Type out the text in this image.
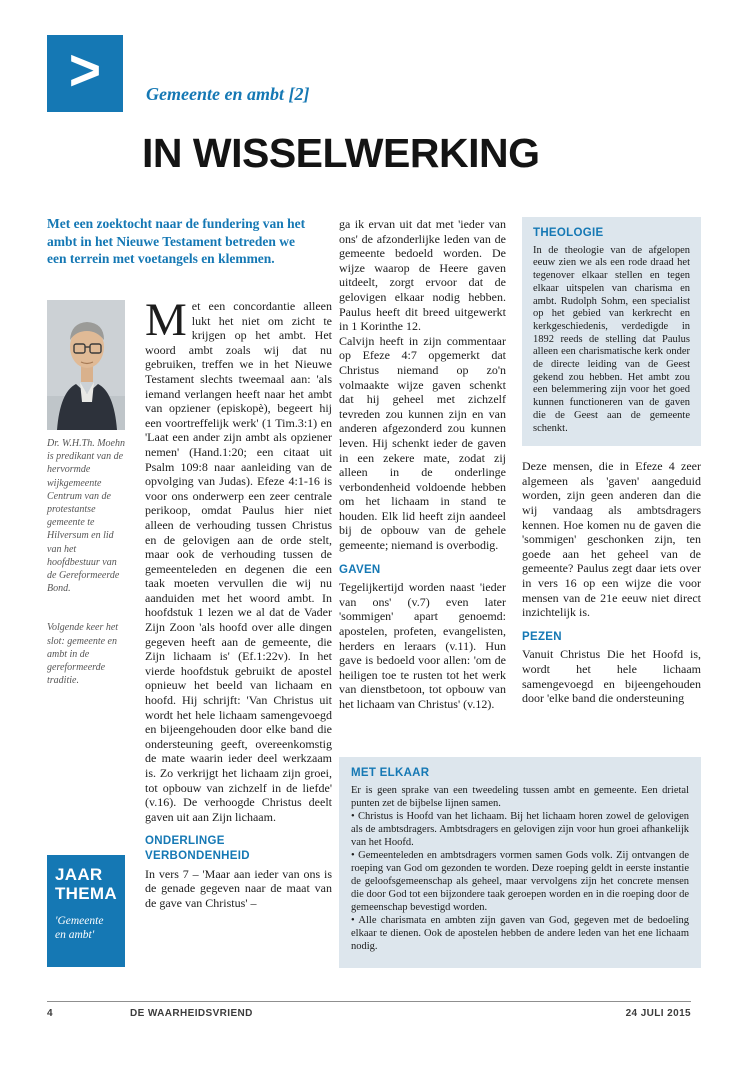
> Gemeente en ambt [2]
IN WISSELWERKING

Met een zoektocht naar de fundering van het ambt in het Nieuwe Testament betreden we een terrein met voetangels en klemmen.

Dr. W.H.Th. Moehn is predikant van de hervormde wijkgemeente Centrum van de protestantse gemeente te Hilversum en lid van het hoofdbestuur van de Gereformeerde Bond.

Volgende keer het slot: gemeente en ambt in de gereformeerde traditie.

JAAR
THEMA
'Gemeente en ambt'

Met een concordantie alleen lukt het niet om zicht te krijgen op het ambt. Het woord ambt zoals wij dat nu gebruiken, treffen we in het Nieuwe Testament slechts tweemaal aan: 'als iemand verlangen heeft naar het ambt van opziener (episkopè), begeert hij een voortreffelijk werk' (1 Tim.3:1) en 'Laat een ander zijn ambt als opziener nemen' (Hand.1:20; een citaat uit Psalm 109:8 naar aanleiding van de opvolging van Judas). Efeze 4:1-16 is voor ons onderwerp een zeer centrale perikoop, omdat Paulus hier niet alleen de verhouding tussen Christus en de gelovigen aan de orde stelt, maar ook de verhouding tussen de gemeenteleden en degenen die een taak moeten vervullen die wij nu aanduiden met het woord ambt. In hoofdstuk 1 lezen we al dat de Vader Zijn Zoon 'als hoofd over alle dingen gegeven heeft aan de gemeente, die Zijn lichaam is' (Ef.1:22v). In het vierde hoofdstuk gebruikt de apostel opnieuw het beeld van lichaam en hoofd. Hij schrijft: 'Van Christus uit wordt het hele lichaam samengevoegd en bijeengehouden door elke band die ondersteuning geeft, overeenkomstig de mate waarin ieder deel werkzaam is. Zo verkrijgt het lichaam zijn groei, tot opbouw van zichzelf in de liefde' (v.16). De verhoogde Christus deelt gaven uit aan Zijn lichaam.

ONDERLINGE VERBONDENHEID

In vers 7 – 'Maar aan ieder van ons is de genade gegeven naar de maat van de gave van Christus' –

ga ik ervan uit dat met 'ieder van ons' de afzonderlijke leden van de gemeente bedoeld worden. De wijze waarop de Heere gaven uitdeelt, zorgt ervoor dat de gelovigen elkaar nodig hebben. Paulus heeft dit breed uitgewerkt in 1 Korinthe 12.

Calvijn heeft in zijn commentaar op Efeze 4:7 opgemerkt dat Christus niemand op zo'n volmaakte wijze gaven schenkt dat hij geheel met zichzelf tevreden zou kunnen zijn en van anderen afgezonderd zou kunnen leven. Hij schenkt ieder de gaven in een zekere mate, zodat zij alleen in de onderlinge verbondenheid voldoende hebben om het lichaam in stand te houden. Elk lid heeft zijn aandeel bij de opbouw van de gehele gemeente; niemand is overbodig.

GAVEN

Tegelijkertijd worden naast 'ieder van ons' (v.7) even later 'sommigen' apart genoemd: apostelen, profeten, evangelisten, herders en leraars (v.11). Hun gave is bedoeld voor allen: 'om de heiligen toe te rusten tot het werk van dienstbetoon, tot opbouw van het lichaam van Christus' (v.12).

THEOLOGIE

In de theologie van de afgelopen eeuw zien we als een rode draad het tegenover elkaar stellen en tegen elkaar uitspelen van charisma en ambt. Rudolph Sohm, een specialist op het gebied van kerkrecht en kerkgeschiedenis, verdedigde in 1892 reeds de stelling dat Paulus alleen een charismatische kerk onder de directe leiding van de Geest gekend zou hebben. Het ambt zou een belemmering zijn voor het goed kunnen functioneren van de gaven die de Geest aan de gemeente schenkt.

Deze mensen, die in Efeze 4 zeer algemeen als 'gaven' aangeduid worden, zijn geen anderen dan die wij vandaag als ambtsdragers kennen. Hoe komen nu de gaven die 'sommigen' geschonken zijn, ten goede aan het geheel van de gemeente? Paulus zegt daar iets over in vers 16 op een wijze die voor mensen van de 21e eeuw niet direct inzichtelijk is.

PEZEN

Vanuit Christus Die het Hoofd is, wordt het hele lichaam samengevoegd en bijeengehouden door 'elke band die ondersteuning

MET ELKAAR

Er is geen sprake van een tweedeling tussen ambt en gemeente. Een drietal punten zet de bijbelse lijnen samen.

• Christus is Hoofd van het lichaam. Bij het lichaam horen zowel de gelovigen als de ambtsdragers. Ambtsdragers en gelovigen zijn voor hun groei afhankelijk van het Hoofd.

• Gemeenteleden en ambtsdragers vormen samen Gods volk. Zij ontvangen de roeping van God om gezonden te worden. Deze roeping geldt in eerste instantie de geloofsgemeenschap als geheel, maar vervolgens zijn het concrete mensen die door God tot een bijzondere taak geroepen worden en in die roeping door de gemeenschap bevestigd worden.

• Alle charismata en ambten zijn gaven van God, gegeven met de bedoeling elkaar te dienen. Ook de apostelen hebben de andere leden van het ene lichaam nodig.

4	DE WAARHEIDSVRIEND	24 JULI 2015
